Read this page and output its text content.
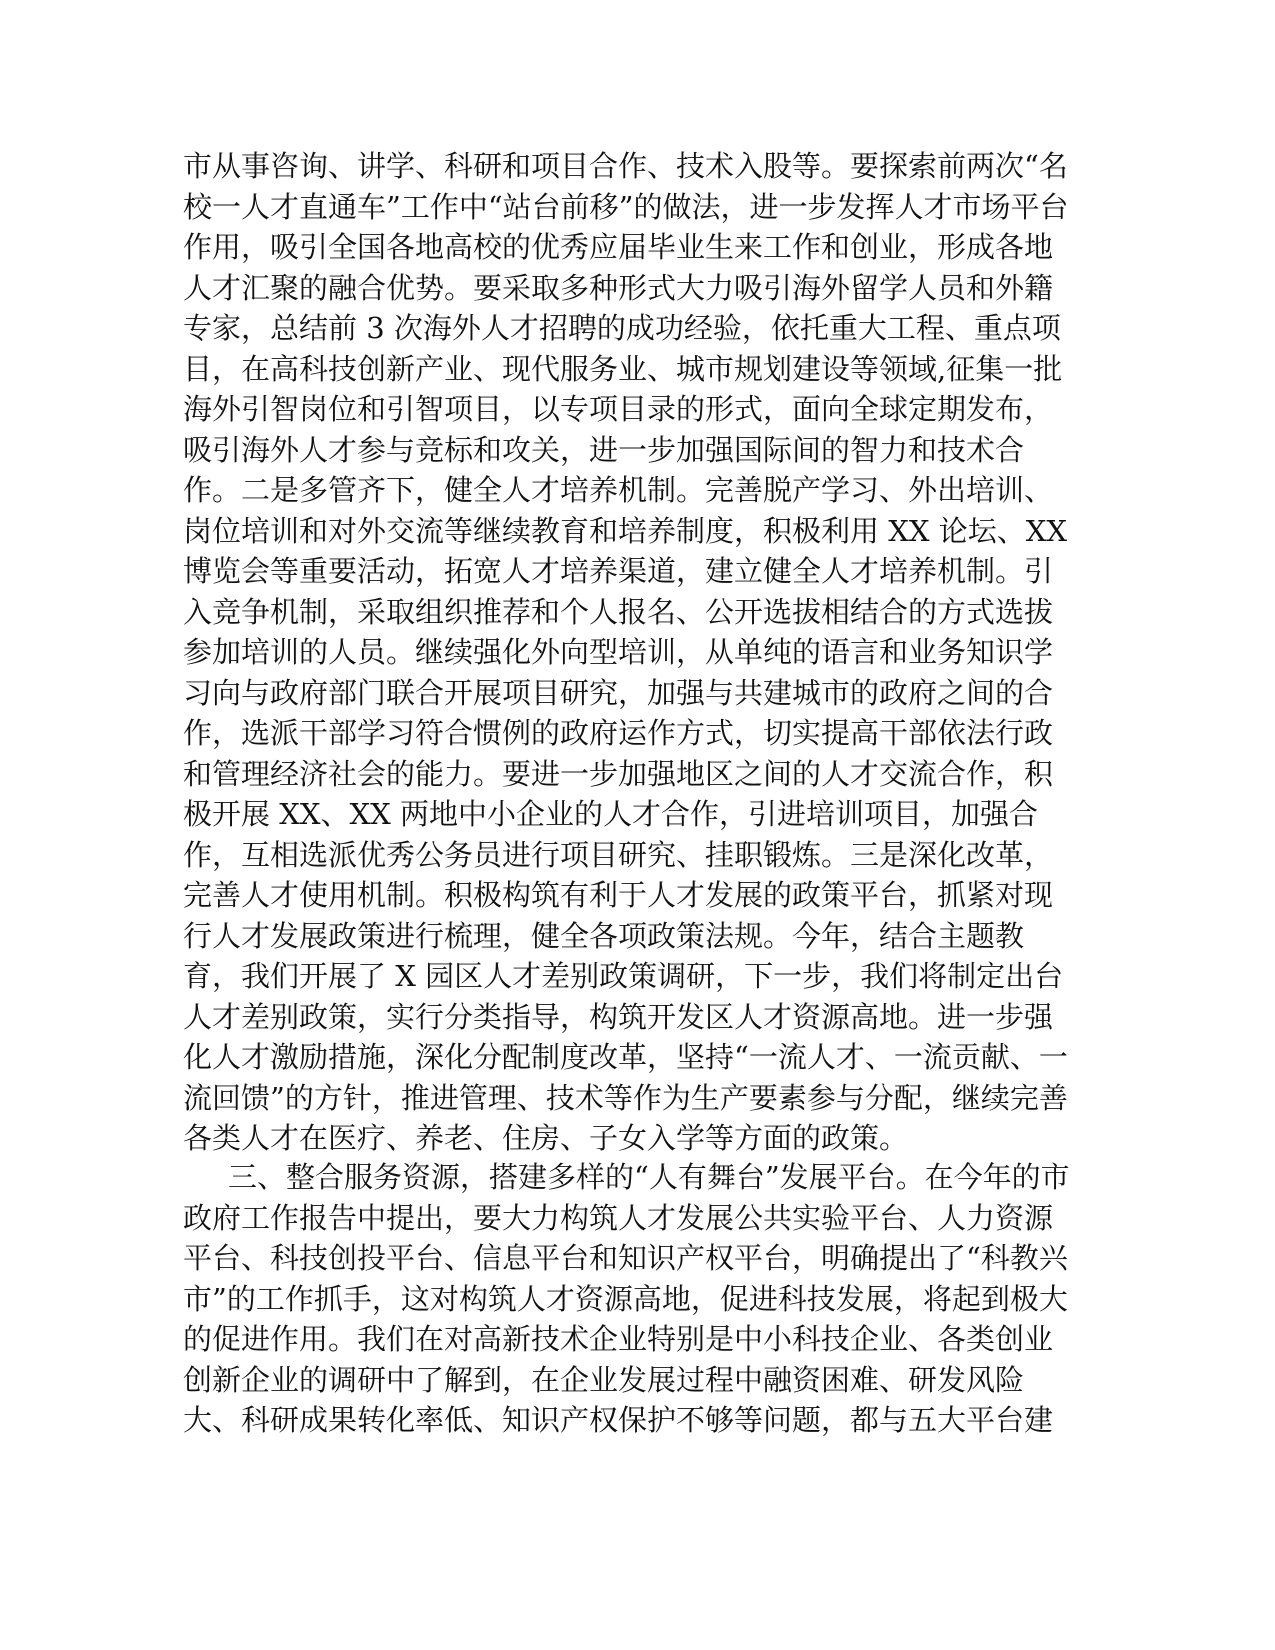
市从事咨询、讲学、科研和项目合作、技术入股等。要探索前两次“名
校一人才直通车”工作中“站台前移”的做法，进一步发挥人才市场平台
作用，吸引全国各地高校的优秀应届毕业生来工作和创业，形成各地
人才汇聚的融合优势。要采取多种形式大力吸引海外留学人员和外籍
专家，总结前 3 次海外人才招聘的成功经验，依托重大工程、重点项
目，在高科技创新产业、现代服务业、城市规划建设等领域,征集一批
海外引智岗位和引智项目，以专项目录的形式，面向全球定期发布，
吸引海外人才参与竞标和攻关，进一步加强国际间的智力和技术合
作。二是多管齐下，健全人才培养机制。完善脱产学习、外出培训、
岗位培训和对外交流等继续教育和培养制度，积极利用 XX 论坛、XX
博览会等重要活动，拓宽人才培养渠道，建立健全人才培养机制。引
入竞争机制，采取组织推荐和个人报名、公开选拔相结合的方式选拔
参加培训的人员。继续强化外向型培训，从单纯的语言和业务知识学
习向与政府部门联合开展项目研究，加强与共建城市的政府之间的合
作，选派干部学习符合惯例的政府运作方式，切实提高干部依法行政
和管理经济社会的能力。要进一步加强地区之间的人才交流合作，积
极开展 XX、XX 两地中小企业的人才合作，引进培训项目，加强合
作，互相选派优秀公务员进行项目研究、挂职锻炼。三是深化改革，
完善人才使用机制。积极构筑有利于人才发展的政策平台，抓紧对现
行人才发展政策进行梳理，健全各项政策法规。今年，结合主题教
育，我们开展了 X 园区人才差别政策调研，下一步，我们将制定出台
人才差别政策，实行分类指导，构筑开发区人才资源高地。进一步强
化人才激励措施，深化分配制度改革，坚持“一流人才、一流贡献、一
流回馈”的方针，推进管理、技术等作为生产要素参与分配，继续完善
各类人才在医疗、养老、住房、子女入学等方面的政策。
三、整合服务资源，搭建多样的“人有舞台”发展平台。在今年的市
政府工作报告中提出，要大力构筑人才发展公共实验平台、人力资源
平台、科技创投平台、信息平台和知识产权平台，明确提出了“科教兴
市”的工作抓手，这对构筑人才资源高地，促进科技发展，将起到极大
的促进作用。我们在对高新技术企业特别是中小科技企业、各类创业
创新企业的调研中了解到，在企业发展过程中融资困难、研发风险
大、科研成果转化率低、知识产权保护不够等问题，都与五大平台建
